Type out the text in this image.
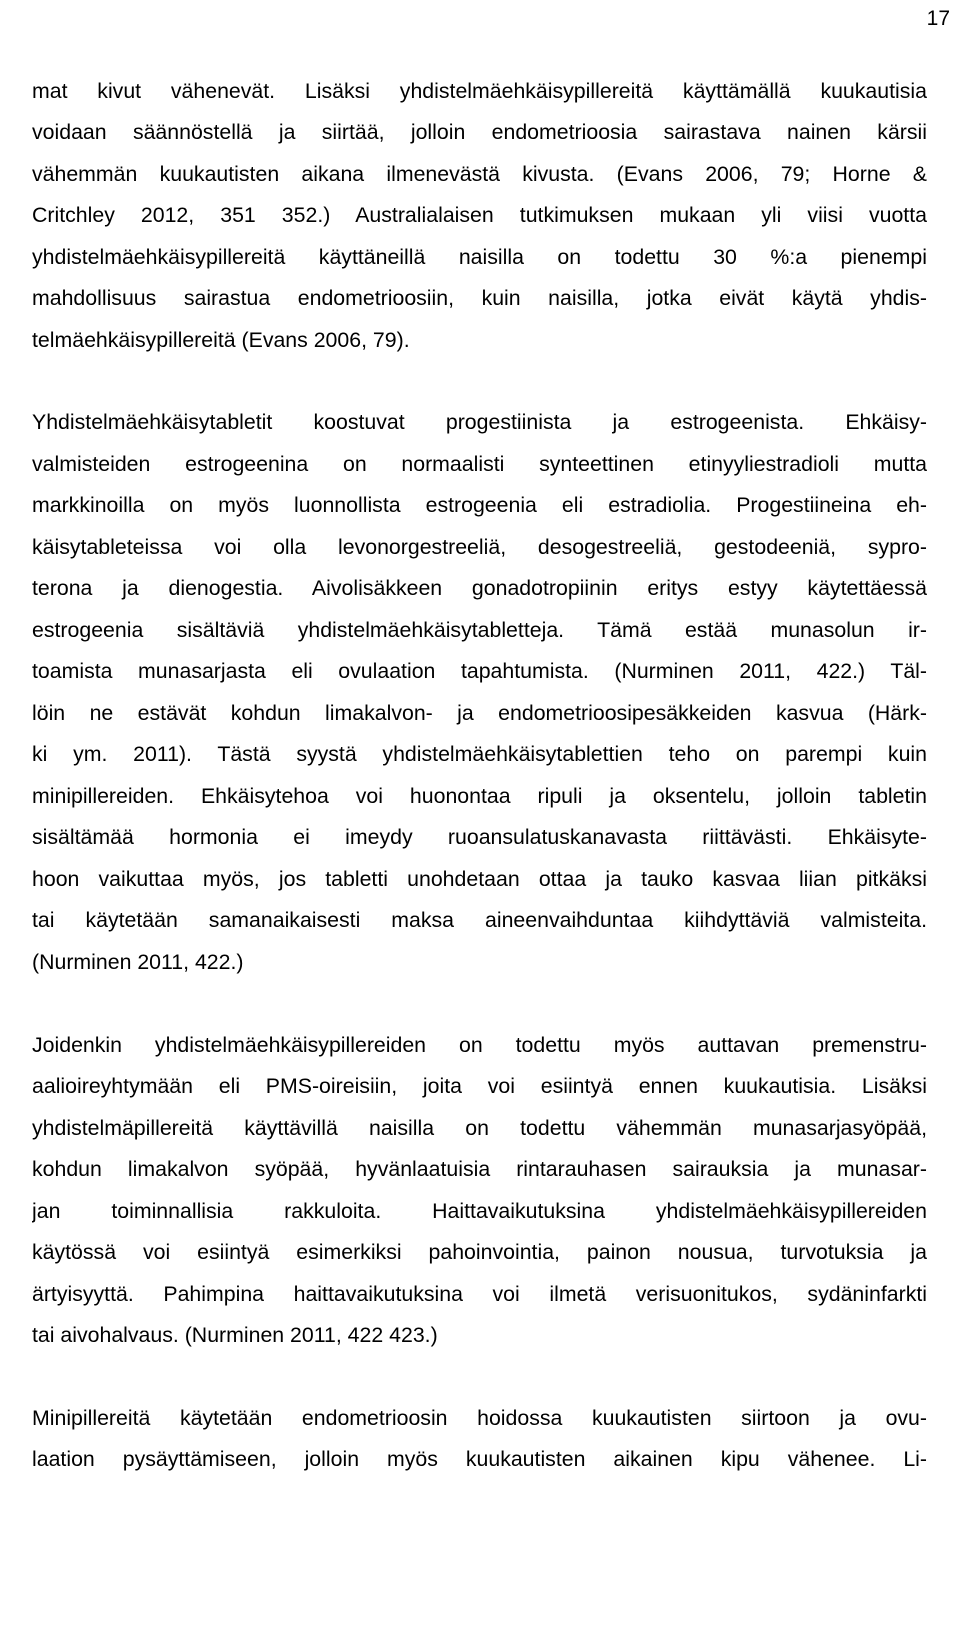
17
mat kivut vähenevät. Lisäksi yhdistelmäehkäisypillereitä käyttämällä kuukautisia
voidaan säännöstellä ja siirtää, jolloin endometrioosia sairastava nainen kärsii
vähemmän kuukautisten aikana ilmenevästä kivusta. (Evans 2006, 79; Horne &
Critchley 2012, 351 352.) Australialaisen tutkimuksen mukaan yli viisi vuotta
yhdistelmäehkäisypillereitä käyttäneillä naisilla on todettu 30 %:a pienempi
mahdollisuus sairastua endometrioosiin, kuin naisilla, jotka eivät käytä yhdis-
telmäehkäisypillereitä (Evans 2006, 79).
Yhdistelmäehkäisytabletit koostuvat progestiinista ja estrogeenista. Ehkäisy-
valmisteiden estrogeenina on normaalisti synteettinen etinyyliestradioli mutta
markkinoilla on myös luonnollista estrogeenia eli estradiolia. Progestiineina eh-
käisytableteissa voi olla levonorgestreeliä, desogestreeliä, gestodeeniä, sypro-
terona ja dienogestia. Aivolisäkkeen gonadotropiinin eritys estyy käytettäessä
estrogeenia sisältäviä yhdistelmäehkäisytabletteja. Tämä estää munasolun ir-
toamista munasarjasta eli ovulaation tapahtumista. (Nurminen 2011, 422.) Täl-
löin ne estävät kohdun limakalvon- ja endometrioosipesäkkeiden kasvua (Härk-
ki ym. 2011). Tästä syystä yhdistelmäehkäisytablettien teho on parempi kuin
minipillereiden. Ehkäisytehoa voi huonontaa ripuli ja oksentelu, jolloin tabletin
sisältämää hormonia ei imeydy ruoansulatuskanavasta riittävästi. Ehkäisyte-
hoon vaikuttaa myös, jos tabletti unohdetaan ottaa ja tauko kasvaa liian pitkäksi
tai käytetään samanaikaisesti maksa aineenvaihduntaa kiihdyttäviä valmisteita.
(Nurminen 2011, 422.)
Joidenkin yhdistelmäehkäisypillereiden on todettu myös auttavan premenstru-
aalioireyhtymään eli PMS-oireisiin, joita voi esiintyä ennen kuukautisia. Lisäksi
yhdistelmäpillereitä käyttävillä naisilla on todettu vähemmän munasarjasyöpää,
kohdun limakalvon syöpää, hyvänlaatuisia rintarauhasen sairauksia ja munasar-
jan toiminnallisia rakkuloita. Haittavaikutuksina yhdistelmäehkäisypillereiden
käytössä voi esiintyä esimerkiksi pahoinvointia, painon nousua, turvotuksia ja
ärtyisyyttä. Pahimpina haittavaikutuksina voi ilmetä verisuonitukos, sydäninfarkti
tai aivohalvaus. (Nurminen 2011, 422 423.)
Minipillereitä käytetään endometrioosin hoidossa kuukautisten siirtoon ja ovu-
laation pysäyttämiseen, jolloin myös kuukautisten aikainen kipu vähenee. Li-
